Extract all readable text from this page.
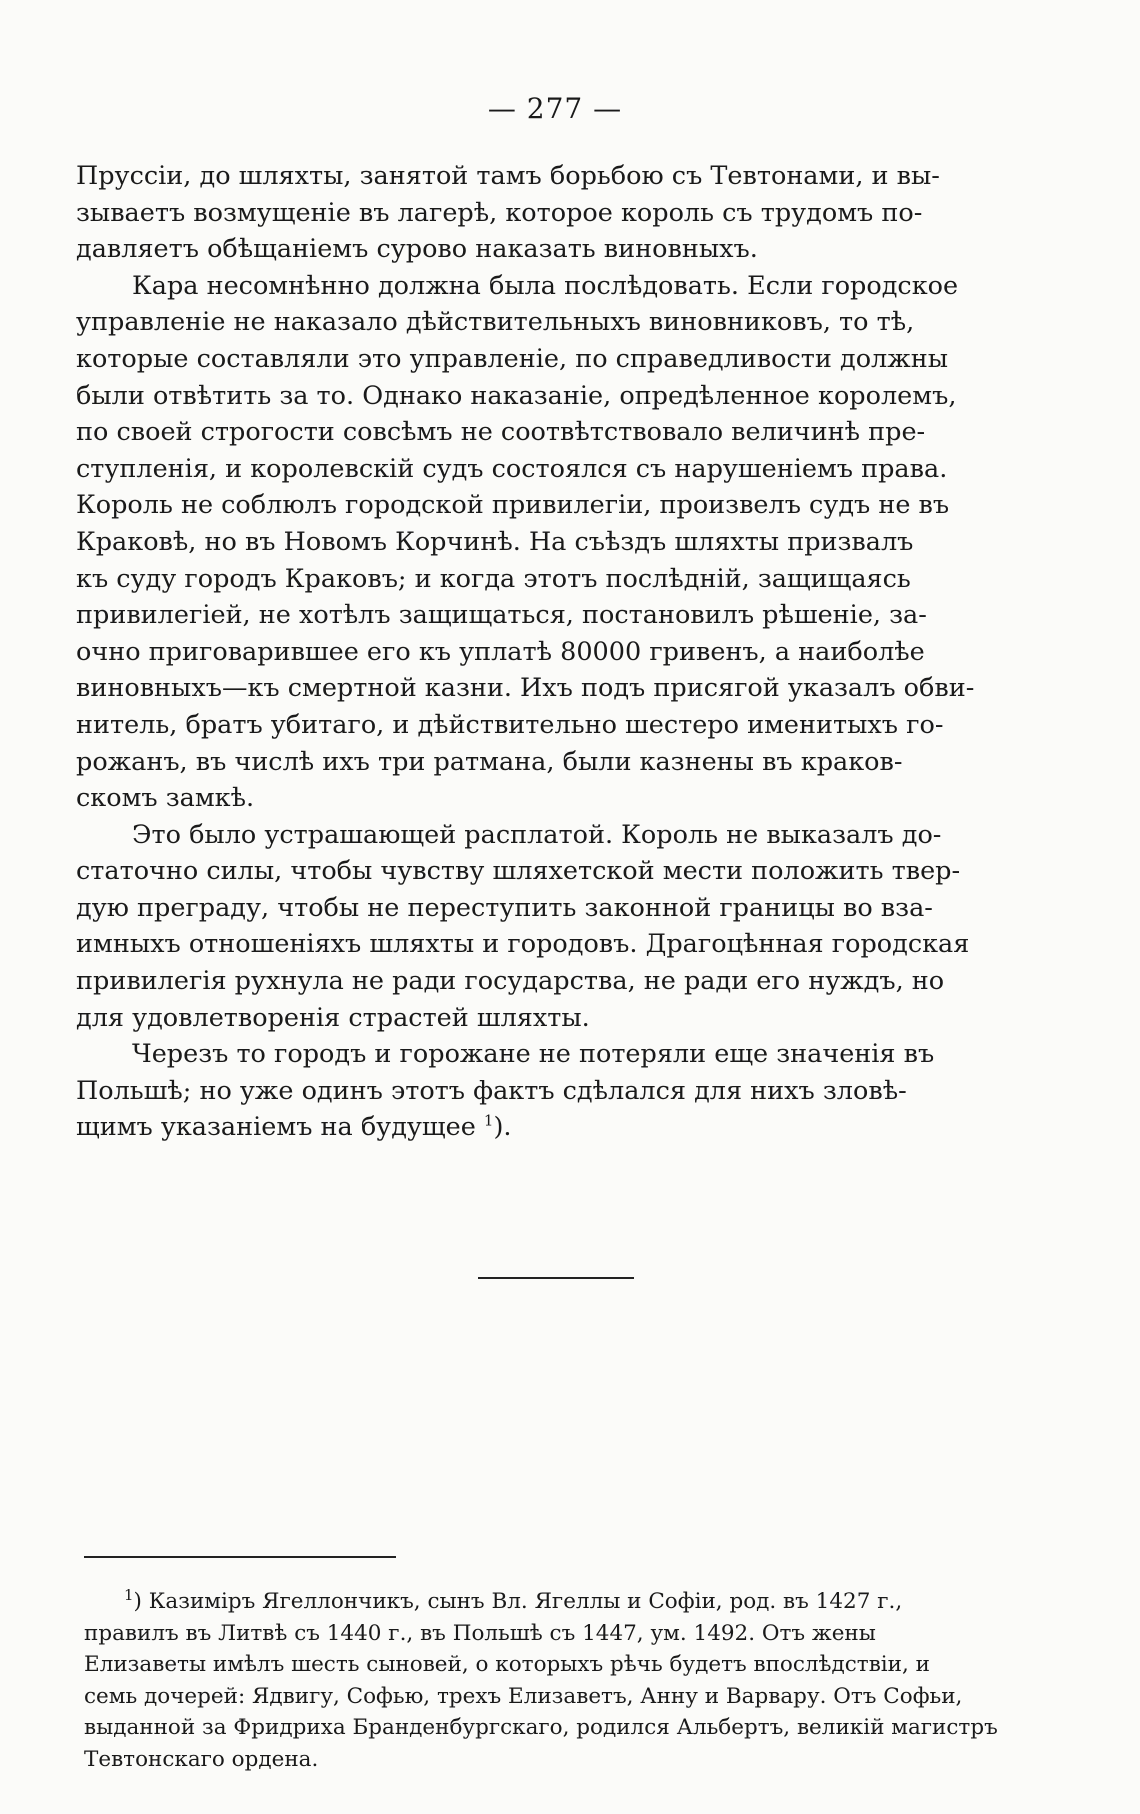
— 277 —

Пруссіи, до шляхты, занятой тамъ борьбою съ Тевтонами, и вы-
зываетъ возмущеніе въ лагерѣ, которое король съ трудомъ по-
давляетъ обѣщаніемъ сурово наказать виновныхъ.

Кара несомнѣнно должна была послѣдовать. Если городское
управленіе не наказало дѣйствительныхъ виновниковъ, то тѣ,
которые составляли это управленіе, по справедливости должны
были отвѣтить за то. Однако наказаніе, опредѣленное королемъ,
по своей строгости совсѣмъ не соотвѣтствовало величинѣ пре-
ступленія, и королевскій судъ состоялся съ нарушеніемъ права.
Король не соблюлъ городской привилегіи, произвелъ судъ не въ
Краковѣ, но въ Новомъ Корчинѣ. На съѣздъ шляхты призвалъ
къ суду городъ Краковъ; и когда этотъ послѣдній, защищаясь
привилегіей, не хотѣлъ защищаться, постановилъ рѣшеніе, за-
очно приговарившее его къ уплатѣ 80000 гривенъ, а наиболѣе
виновныхъ—къ смертной казни. Ихъ подъ присягой указалъ обви-
нитель, братъ убитаго, и дѣйствительно шестеро именитыхъ го-
рожанъ, въ числѣ ихъ три ратмана, были казнены въ краков-
скомъ замкѣ.

Это было устрашающей расплатой. Король не выказалъ до-
статочно силы, чтобы чувству шляхетской мести положить твер-
дую преграду, чтобы не переступить законной границы во вза-
имныхъ отношеніяхъ шляхты и городовъ. Драгоцѣнная городская
привилегія рухнула не ради государства, не ради его нуждъ, но
для удовлетворенія страстей шляхты.

Черезъ то городъ и горожане не потеряли еще значенія въ
Польшѣ; но уже одинъ этотъ фактъ сдѣлался для нихъ зловѣ-
щимъ указаніемъ на будущее $^1$).

$^1$) Казиміръ Ягеллончикъ, сынъ Вл. Ягеллы и Софіи, род. въ 1427 г.,
правилъ въ Литвѣ съ 1440 г., въ Польшѣ съ 1447, ум. 1492. Отъ жены
Елизаветы имѣлъ шесть сыновей, о которыхъ рѣчь будетъ впослѣдствіи, и
семь дочерей: Ядвигу, Софью, трехъ Елизаветъ, Анну и Варвару. Отъ Софьи,
выданной за Фридриха Бранденбургскаго, родился Альбертъ, великій магистръ
Тевтонскаго ордена.
